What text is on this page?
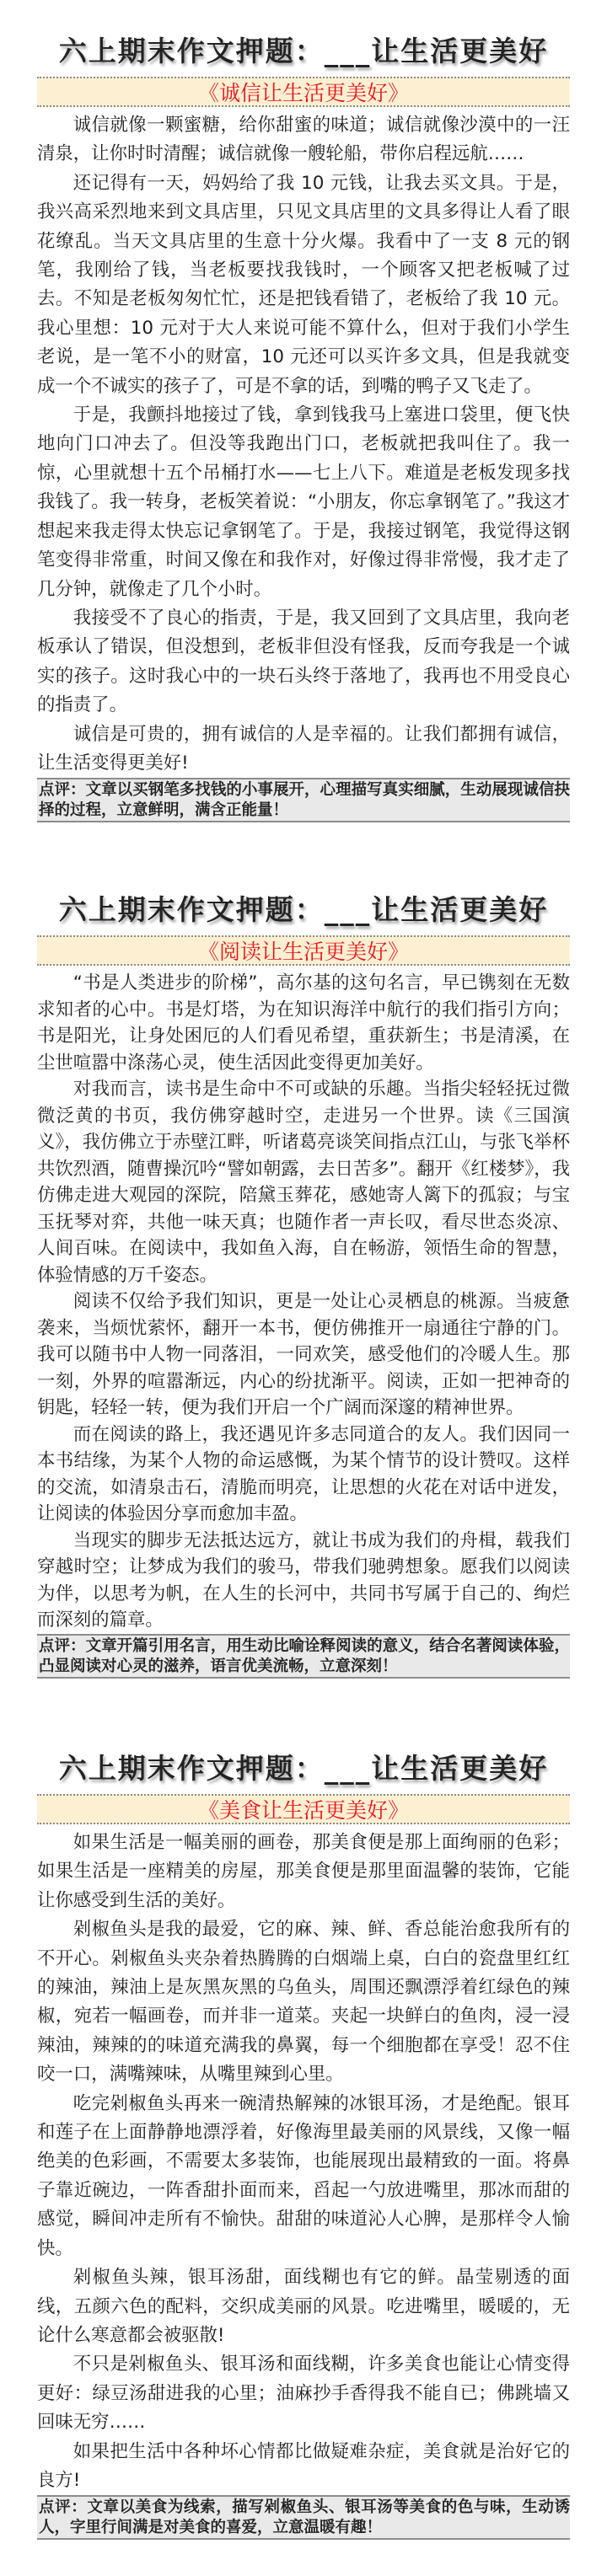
六上期末作文押题：___让生活更美好
《诚信让生活更美好》

诚信就像一颗蜜糖，给你甜蜜的味道；诚信就像沙漠中的一汪清泉，让你时时清醒；诚信就像一艘轮船，带你启程远航……

还记得有一天，妈妈给了我 10 元钱，让我去买文具。于是，我兴高采烈地来到文具店里，只见文具店里的文具多得让人看了眼花缭乱。当天文具店里的生意十分火爆。我看中了一支 8 元的钢笔，我刚给了钱，当老板要找我钱时，一个顾客又把老板喊了过去。不知是老板匆匆忙忙，还是把钱看错了，老板给了我 10 元。我心里想：10 元对于大人来说可能不算什么，但对于我们小学生老说，是一笔不小的财富，10 元还可以买许多文具，但是我就变成一个不诚实的孩子了，可是不拿的话，到嘴的鸭子又飞走了。

于是，我颤抖地接过了钱，拿到钱我马上塞进口袋里，便飞快地向门口冲去了。但没等我跑出门口，老板就把我叫住了。我一惊，心里就想十五个吊桶打水——七上八下。难道是老板发现多找我钱了。我一转身，老板笑着说：“小朋友，你忘拿钢笔了。”我这才想起来我走得太快忘记拿钢笔了。于是，我接过钢笔，我觉得这钢笔变得非常重，时间又像在和我作对，好像过得非常慢，我才走了几分钟，就像走了几个小时。

我接受不了良心的指责，于是，我又回到了文具店里，我向老板承认了错误，但没想到，老板非但没有怪我，反而夸我是一个诚实的孩子。这时我心中的一块石头终于落地了，我再也不用受良心的指责了。

诚信是可贵的，拥有诚信的人是幸福的。让我们都拥有诚信，让生活变得更美好!

点评：文章以买钢笔多找钱的小事展开，心理描写真实细腻，生动展现诚信抉择的过程，立意鲜明，满含正能量！
六上期末作文押题：___让生活更美好
《阅读让生活更美好》

“书是人类进步的阶梯”，高尔基的这句名言，早已镌刻在无数求知者的心中。书是灯塔，为在知识海洋中航行的我们指引方向；书是阳光，让身处困厄的人们看见希望，重获新生；书是清溪，在尘世喧嚣中涤荡心灵，使生活因此变得更加美好。

对我而言，读书是生命中不可或缺的乐趣。当指尖轻轻抚过微微泛黄的书页，我仿佛穿越时空，走进另一个世界。读《三国演义》，我仿佛立于赤壁江畔，听诸葛亮谈笑间指点江山，与张飞举杯共饮烈酒，随曹操沉吟“譬如朝露，去日苦多”。翻开《红楼梦》，我仿佛走进大观园的深院，陪黛玉葬花，感她寄人篱下的孤寂；与宝玉抚琴对弈，共他一味天真；也随作者一声长叹，看尽世态炎凉、人间百味。在阅读中，我如鱼入海，自在畅游，领悟生命的智慧，体验情感的万千姿态。

阅读不仅给予我们知识，更是一处让心灵栖息的桃源。当疲惫袭来，当烦忧萦怀，翻开一本书，便仿佛推开一扇通往宁静的门。我可以随书中人物一同落泪，一同欢笑，感受他们的冷暖人生。那一刻，外界的喧嚣渐远，内心的纷扰渐平。阅读，正如一把神奇的钥匙，轻轻一转，便为我们开启一个广阔而深邃的精神世界。

而在阅读的路上，我还遇见许多志同道合的友人。我们因同一本书结缘，为某个人物的命运感慨，为某个情节的设计赞叹。这样的交流，如清泉击石，清脆而明亮，让思想的火花在对话中迸发，让阅读的体验因分享而愈加丰盈。

当现实的脚步无法抵达远方，就让书成为我们的舟楫，载我们穿越时空；让梦成为我们的骏马，带我们驰骋想象。愿我们以阅读为伴，以思考为帆，在人生的长河中，共同书写属于自己的、绚烂而深刻的篇章。

点评：文章开篇引用名言，用生动比喻诠释阅读的意义，结合名著阅读体验，凸显阅读对心灵的滋养，语言优美流畅，立意深刻！
六上期末作文押题：___让生活更美好
《美食让生活更美好》

如果生活是一幅美丽的画卷，那美食便是那上面绚丽的色彩；如果生活是一座精美的房屋，那美食便是那里面温馨的装饰，它能让你感受到生活的美好。

剁椒鱼头是我的最爱，它的麻、辣、鲜、香总能治愈我所有的不开心。剁椒鱼头夹杂着热腾腾的白烟端上桌，白白的瓷盘里红红的辣油，辣油上是灰黑灰黑的乌鱼头，周围还飘漂浮着红绿色的辣椒，宛若一幅画卷，而并非一道菜。夹起一块鲜白的鱼肉，浸一浸辣油，辣辣的的味道充满我的鼻翼，每一个细胞都在享受！忍不住咬一口，满嘴辣味，从嘴里辣到心里。

吃完剁椒鱼头再来一碗清热解辣的冰银耳汤，才是绝配。银耳和莲子在上面静静地漂浮着，好像海里最美丽的风景线，又像一幅绝美的色彩画，不需要太多装饰，也能展现出最精致的一面。将鼻子靠近碗边，一阵香甜扑面而来，舀起一勺放进嘴里，那冰而甜的感觉，瞬间冲走所有不愉快。甜甜的味道沁人心脾，是那样令人愉快。

剁椒鱼头辣，银耳汤甜，面线糊也有它的鲜。晶莹剔透的面线，五颜六色的配料，交织成美丽的风景。吃进嘴里，暖暖的，无论什么寒意都会被驱散!

不只是剁椒鱼头、银耳汤和面线糊，许多美食也能让心情变得更好：绿豆汤甜进我的心里；油麻抄手香得我不能自已；佛跳墙又回味无穷……

如果把生活中各种坏心情都比做疑难杂症，美食就是治好它的良方!

点评：文章以美食为线索，描写剁椒鱼头、银耳汤等美食的色与味，生动诱人，字里行间满是对美食的喜爱，立意温暖有趣！
